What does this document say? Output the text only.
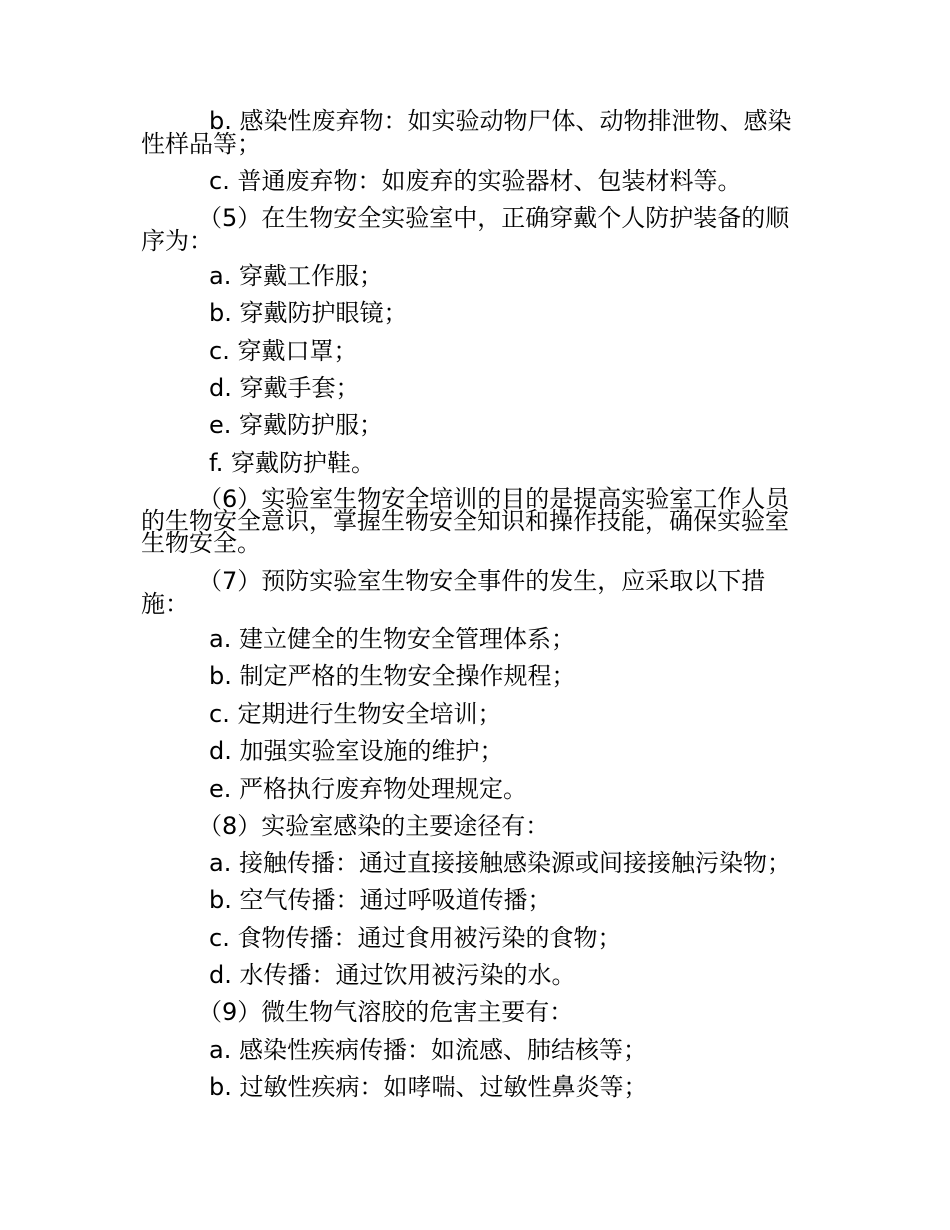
b. 感染性废弃物：如实验动物尸体、动物排泄物、感染

性样品等；

c. 普通废弃物：如废弃的实验器材、包装材料等。

（5）在生物安全实验室中，正确穿戴个人防护装备的顺

序为：

a. 穿戴工作服；

b. 穿戴防护眼镜；

c. 穿戴口罩；

d. 穿戴手套；

e. 穿戴防护服；

f. 穿戴防护鞋。

（6）实验室生物安全培训的目的是提高实验室工作人员

的生物安全意识，掌握生物安全知识和操作技能，确保实验室

生物安全。

（7）预防实验室生物安全事件的发生，应采取以下措

施：

a. 建立健全的生物安全管理体系；

b. 制定严格的生物安全操作规程；

c. 定期进行生物安全培训；

d. 加强实验室设施的维护；

e. 严格执行废弃物处理规定。

（8）实验室感染的主要途径有：

a. 接触传播：通过直接接触感染源或间接接触污染物；

b. 空气传播：通过呼吸道传播；

c. 食物传播：通过食用被污染的食物；

d. 水传播：通过饮用被污染的水。

（9）微生物气溶胶的危害主要有：

a. 感染性疾病传播：如流感、肺结核等；

b. 过敏性疾病：如哮喘、过敏性鼻炎等；
